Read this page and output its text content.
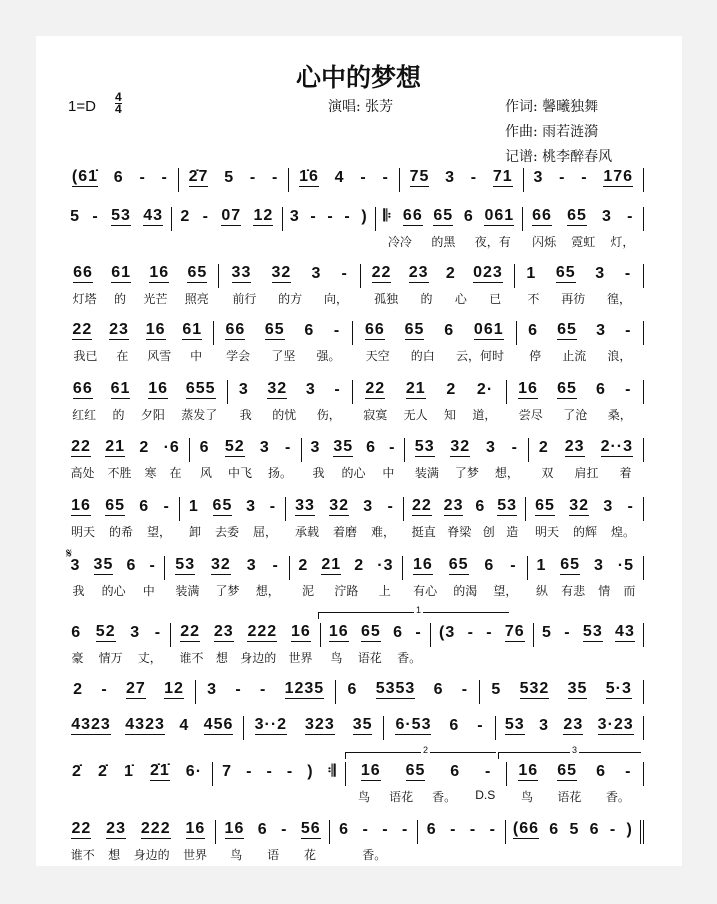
心中的梦想
$1=D \frac{4}{4}$	演唱: 张芳	作词: 馨曦独舞
作曲: 雨若涟漪
记谱: 桃李醉春风
𝄋
1
2	3
(61̇ 6 - - 2̇7 5 - - 1̇6 4 - - 75 3 - 71 3 - - 176
5 - 53 43 2 - 07 12 3 - - - ) 𝄆 66 65 6 061
冷冷 的黑 夜，有
66 65 3 -
闪烁 霓虹 灯，
66 61 16 65
灯塔 的 光芒 照亮
33 32 3 -
前行 的方 向，
22 23 2 023
孤独 的 心 已
1 65 3 -
不 再彷 徨，
22 23 16 61
我已 在 风雪 中
66 65 6 -
学会 了坚 强。
66 65 6 061
天空 的白 云，何时
6 65 3 -
停 止流 浪，
66 61 16 655
红红 的 夕阳 蒸发了
3 32 3 -
我 的忧 伤，
22 21 2 2·
寂寞 无人 知 道，
16 65 6 -
尝尽 了沧 桑，
22 21 2 ·6
高处 不胜 寒 在
6 52 3 -
风 中飞 扬。
3 35 6 -
我 的心 中
53 32 3 -
装满 了梦 想，
2 23 2··3
双 肩扛 着
16 65 6 -
明天 的希 望，
1 65 3 -
卸 去委 屈，
33 32 3 -
承载 着磨 难，
22 23 6 53
挺直 脊梁 创 造
65 32 3 -
明天 的辉 煌。
3 35 6 -
我 的心 中
53 32 3 -
装满 了梦 想，
2 21 2 ·3
泥 泞路 上
16 65 6 -
有心 的渴 望，
1 65 3 ·5
纵 有悲 情 而
6 52 3 -
豪 情万 丈，
22 23 222 16
谁不 想 身边的 世界
16 65 6 -
鸟 语花 香。
(3 - - 76 5 - 53 43
2 - 27 12 3 - - 1235 6 5353 6 - 5 532 35 5·3
4323 4323 4 456 3··2 323 35 6·53 6 - 53 3 23 3·23
2̇ 2̇ 1̇ 2̇1̇ 6· 7 - - - ) 𝄇 16 65 6 -
鸟 语花 香。 D.S
16 65 6 -
鸟 语花 香。
22 23 222 16
谁不 想 身边的 世界
16 6 - 56
鸟 语 花
6 - - -
香。
6 - - - (66 6 5 6 - )
